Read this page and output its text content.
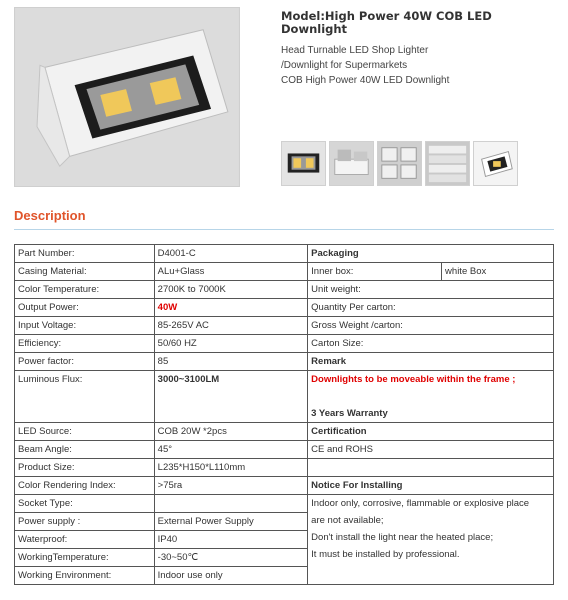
Model:High Power 40W COB LED Downlight
Head Turnable LED Shop Lighter
/Downlight for Supermarkets
COB High Power 40W LED Downlight
Description
Part Number:	D4001-C	Packaging	
Casing Material:	ALu+Glass	Inner box:	white Box
Color Temperature:	2700K to 7000K	Unit weight:	
Output Power:	40W	Quantity Per carton:	
Input Voltage:	85-265V AC	Gross Weight /carton:	
Efficiency:	50/60 HZ	Carton Size:	
Power factor:	85	Remark	
Luminous Flux:	3000~3100LM	Downlights to be moveable within the frame ;

3 Years Warranty	

LED Source:	COB 20W *2pcs	Certification	
Beam Angle:	45°	CE and ROHS	
Product Size:	L235*H150*L110mm		
Color Rendering Index:	>75ra	Notice For Installing	
Socket Type:		Indoor only, corrosive, flammable or explosive place
are not available;
Don't install the light near the heated place;
It must be installed by professional.	

Power supply :	External Power Supply		
Waterproof:	IP40		
WorkingTemperature:	-30~50℃		
Working Environment:	Indoor use only		
